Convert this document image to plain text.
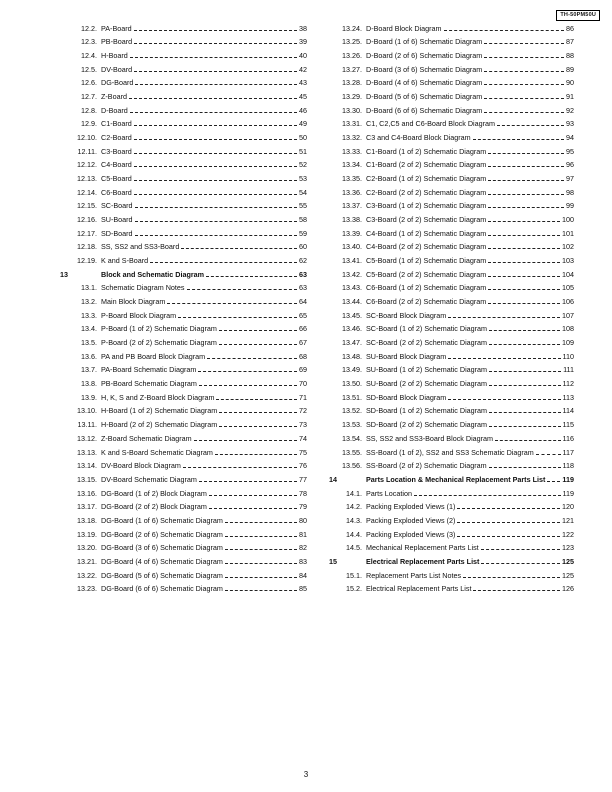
TH-50PM50U
12.2. PA-Board	38
12.3. PB-Board	39
12.4. H-Board	40
12.5. DV-Board	42
12.6. DG-Board	43
12.7. Z-Board	45
12.8. D-Board	46
12.9. C1-Board	49
12.10. C2-Board	50
12.11. C3-Board	51
12.12. C4-Board	52
12.13. C5-Board	53
12.14. C6-Board	54
12.15. SC-Board	55
12.16. SU-Board	58
12.17. SD-Board	59
12.18. SS, SS2 and SS3-Board	60
12.19. K and S-Board	62
13	Block and Schematic Diagram	63
13.1. Schematic Diagram Notes	63
13.2. Main Block Diagram	64
13.3. P-Board Block Diagram	65
13.4. P-Board (1 of 2) Schematic Diagram	66
13.5. P-Board (2 of 2) Schematic Diagram	67
13.6. PA and PB Board Block Diagram	68
13.7. PA-Board Schematic Diagram	69
13.8. PB-Board Schematic Diagram	70
13.9. H, K, S and Z-Board Block Diagram	71
13.10. H-Board (1 of 2) Schematic Diagram	72
13.11. H-Board (2 of 2) Schematic Diagram	73
13.12. Z-Board Schematic Diagram	74
13.13. K and S-Board Schematic Diagram	75
13.14. DV-Board Block Diagram	76
13.15. DV-Board Schematic Diagram	77
13.16. DG-Board (1 of 2) Block Diagram	78
13.17. DG-Board (2 of 2) Block Diagram	79
13.18. DG-Board (1 of 6) Schematic Diagram	80
13.19. DG-Board (2 of 6) Schematic Diagram	81
13.20. DG-Board (3 of 6) Schematic Diagram	82
13.21. DG-Board (4 of 6) Schematic Diagram	83
13.22. DG-Board (5 of 6) Schematic Diagram	84
13.23. DG-Board (6 of 6) Schematic Diagram	85
13.24. D-Board Block Diagram	86
13.25. D-Board (1 of 6) Schematic Diagram	87
13.26. D-Board (2 of 6) Schematic Diagram	88
13.27. D-Board (3 of 6) Schematic Diagram	89
13.28. D-Board (4 of 6) Schematic Diagram	90
13.29. D-Board (5 of 6) Schematic Diagram	91
13.30. D-Board (6 of 6) Schematic Diagram	92
13.31. C1, C2,C5 and C6-Board Block Diagram	93
13.32. C3 and C4-Board Block Diagram	94
13.33. C1-Board (1 of 2) Schematic Diagram	95
13.34. C1-Board (2 of 2) Schematic Diagram	96
13.35. C2-Board (1 of 2) Schematic Diagram	97
13.36. C2-Board (2 of 2) Schematic Diagram	98
13.37. C3-Board (1 of 2) Schematic Diagram	99
13.38. C3-Board (2 of 2) Schematic Diagram	100
13.39. C4-Board (1 of 2) Schematic Diagram	101
13.40. C4-Board (2 of 2) Schematic Diagram	102
13.41. C5-Board (1 of 2) Schematic Diagram	103
13.42. C5-Board (2 of 2) Schematic Diagram	104
13.43. C6-Board (1 of 2) Schematic Diagram	105
13.44. C6-Board (2 of 2) Schematic Diagram	106
13.45. SC-Board Block Diagram	107
13.46. SC-Board (1 of 2) Schematic Diagram	108
13.47. SC-Board (2 of 2) Schematic Diagram	109
13.48. SU-Board Block Diagram	110
13.49. SU-Board (1 of 2) Schematic Diagram	111
13.50. SU-Board (2 of 2) Schematic Diagram	112
13.51. SD-Board Block Diagram	113
13.52. SD-Board (1 of 2) Schematic Diagram	114
13.53. SD-Board (2 of 2) Schematic Diagram	115
13.54. SS, SS2 and SS3-Board Block Diagram	116
13.55. SS-Board (1 of 2), SS2 and SS3 Schematic Diagram	117
13.56. SS-Board (2 of 2) Schematic Diagram	118
14	Parts Location & Mechanical Replacement Parts List 119
14.1. Parts Location	119
14.2. Packing Exploded Views (1)	120
14.3. Packing Exploded Views (2)	121
14.4. Packing Exploded Views (3)	122
14.5. Mechanical Replacement Parts List	123
15	Electrical Replacement Parts List	125
15.1. Replacement Parts List Notes	125
15.2. Electrical Replacement Parts List	126
3
